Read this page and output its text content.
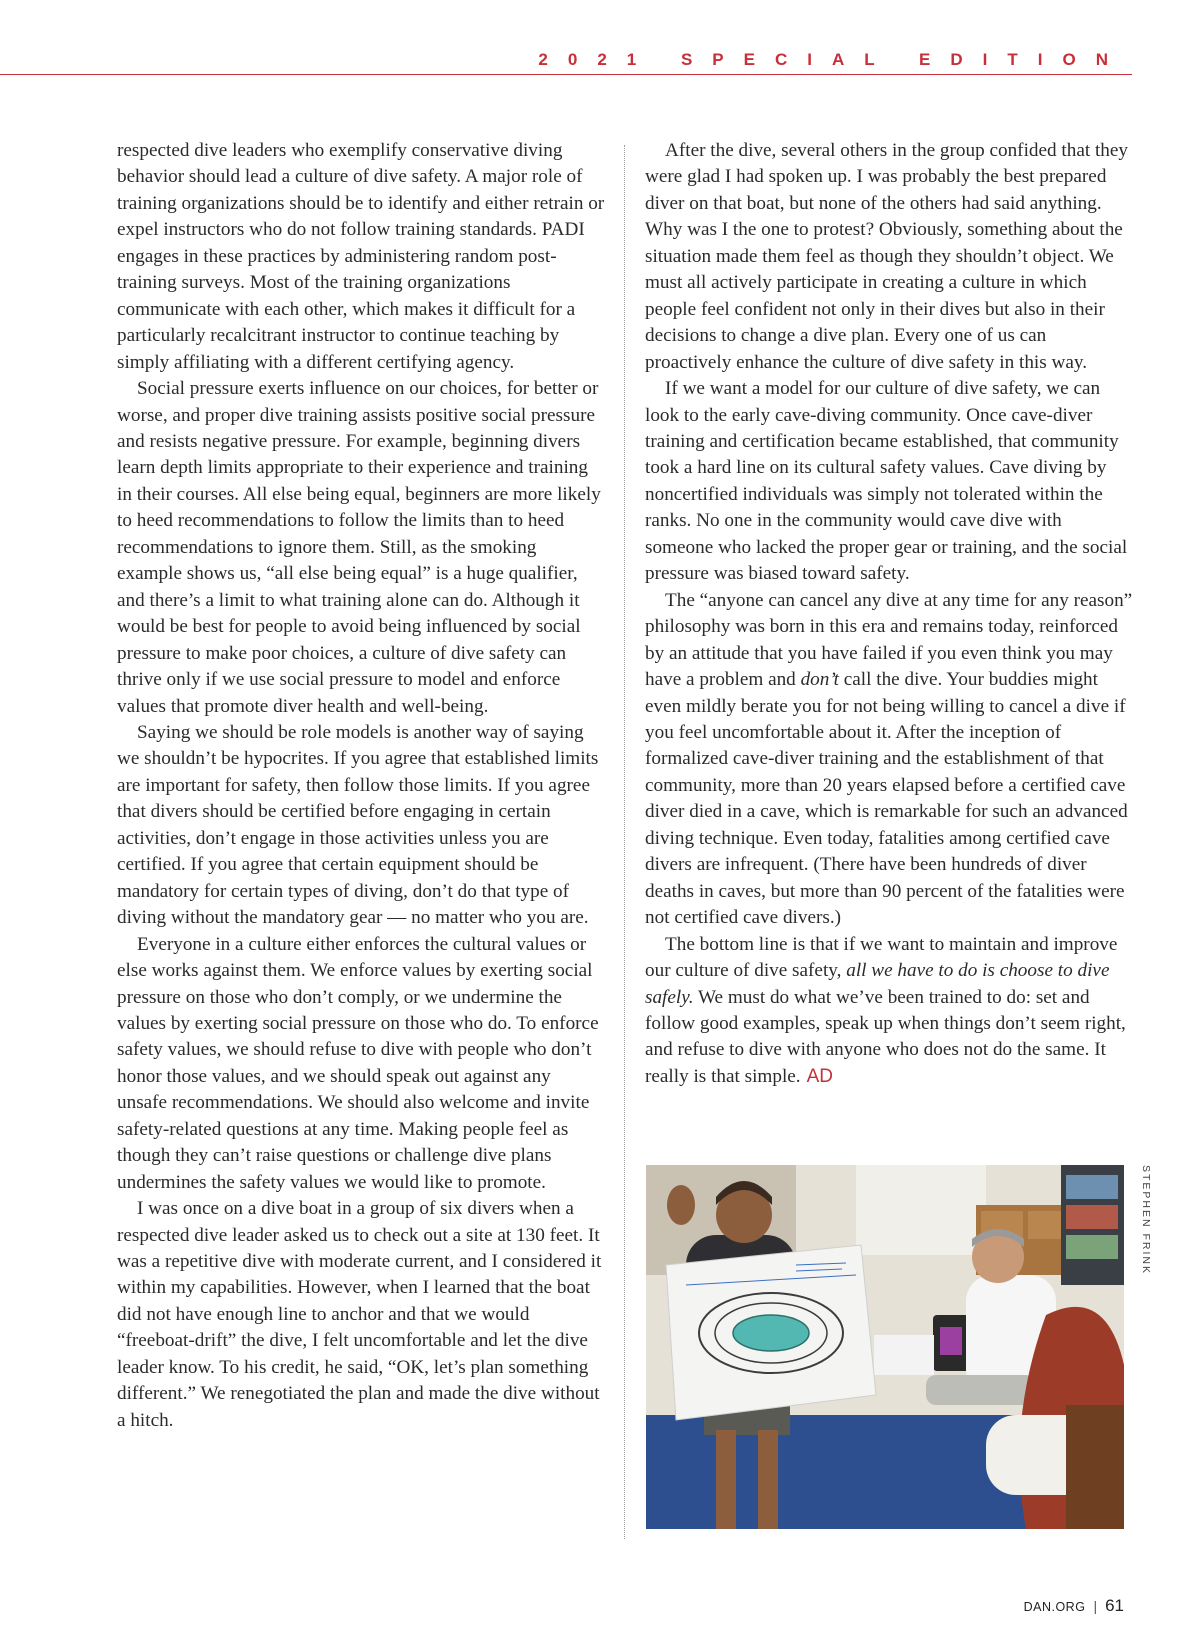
2021 SPECIAL EDITION

respected dive leaders who exemplify conservative diving behavior should lead a culture of dive safety. A major role of training organizations should be to identify and either retrain or expel instructors who do not follow training standards. PADI engages in these practices by administering random post-training surveys. Most of the training organizations communicate with each other, which makes it difficult for a particularly recalcitrant instructor to continue teaching by simply affiliating with a different certifying agency.

Social pressure exerts influence on our choices, for better or worse, and proper dive training assists positive social pressure and resists negative pressure. For example, beginning divers learn depth limits appropriate to their experience and training in their courses. All else being equal, beginners are more likely to heed recommendations to follow the limits than to heed recommendations to ignore them. Still, as the smoking example shows us, “all else being equal” is a huge qualifier, and there’s a limit to what training alone can do. Although it would be best for people to avoid being influenced by social pressure to make poor choices, a culture of dive safety can thrive only if we use social pressure to model and enforce values that promote diver health and well-being.

Saying we should be role models is another way of saying we shouldn’t be hypocrites. If you agree that established limits are important for safety, then follow those limits. If you agree that divers should be certified before engaging in certain activities, don’t engage in those activities unless you are certified. If you agree that certain equipment should be mandatory for certain types of diving, don’t do that type of diving without the mandatory gear — no matter who you are.

Everyone in a culture either enforces the cultural values or else works against them. We enforce values by exerting social pressure on those who don’t comply, or we undermine the values by exerting social pressure on those who do. To enforce safety values, we should refuse to dive with people who don’t honor those values, and we should speak out against any unsafe recommendations. We should also welcome and invite safety-related questions at any time. Making people feel as though they can’t raise questions or challenge dive plans undermines the safety values we would like to promote.

I was once on a dive boat in a group of six divers when a respected dive leader asked us to check out a site at 130 feet. It was a repetitive dive with moderate current, and I considered it within my capabilities. However, when I learned that the boat did not have enough line to anchor and that we would “freeboat-drift” the dive, I felt uncomfortable and let the dive leader know. To his credit, he said, “OK, let’s plan something different.” We renegotiated the plan and made the dive without a hitch.

After the dive, several others in the group confided that they were glad I had spoken up. I was probably the best prepared diver on that boat, but none of the others had said anything. Why was I the one to protest? Obviously, something about the situation made them feel as though they shouldn’t object. We must all actively participate in creating a culture in which people feel confident not only in their dives but also in their decisions to change a dive plan. Every one of us can proactively enhance the culture of dive safety in this way.

If we want a model for our culture of dive safety, we can look to the early cave-diving community. Once cave-diver training and certification became established, that community took a hard line on its cultural safety values. Cave diving by noncertified individuals was simply not tolerated within the ranks. No one in the community would cave dive with someone who lacked the proper gear or training, and the social pressure was biased toward safety.

The “anyone can cancel any dive at any time for any reason” philosophy was born in this era and remains today, reinforced by an attitude that you have failed if you even think you may have a problem and don’t call the dive. Your buddies might even mildly berate you for not being willing to cancel a dive if you feel uncomfortable about it. After the inception of formalized cave-diver training and the establishment of that community, more than 20 years elapsed before a certified cave diver died in a cave, which is remarkable for such an advanced diving technique. Even today, fatalities among certified cave divers are infrequent. (There have been hundreds of diver deaths in caves, but more than 90 percent of the fatalities were not certified cave divers.)

The bottom line is that if we want to maintain and improve our culture of dive safety, all we have to do is choose to dive safely. We must do what we’ve been trained to do: set and follow good examples, speak up when things don’t seem right, and refuse to dive with anyone who does not do the same. It really is that simple. AD

STEPHEN FRINK
DAN.ORG | 61
